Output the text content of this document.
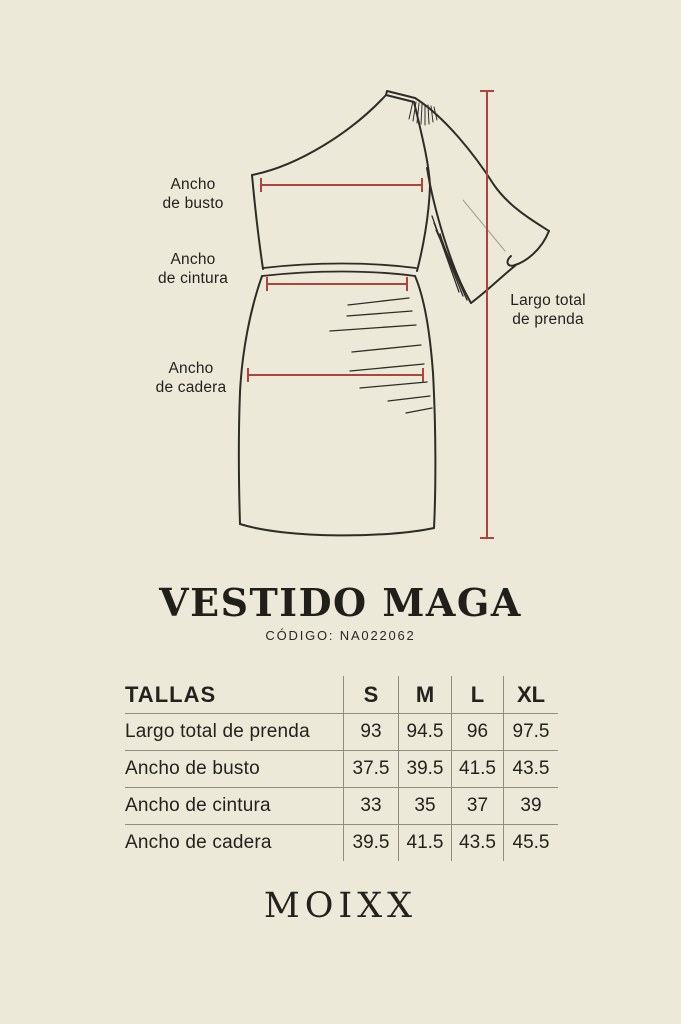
Ancho
de busto
Ancho
de cintura
Ancho
de cadera
Largo total
de prenda
VESTIDO MAGA
CÓDIGO: NA022062
TALLAS	S	M	L	XL
Largo total de prenda	93	94.5	96	97.5
Ancho de busto	37.5 39.5 41.5 43.5
Ancho de cintura	33	35	37	39
Ancho de cadera	39.5 41.5 43.5 45.5
MOIXX
